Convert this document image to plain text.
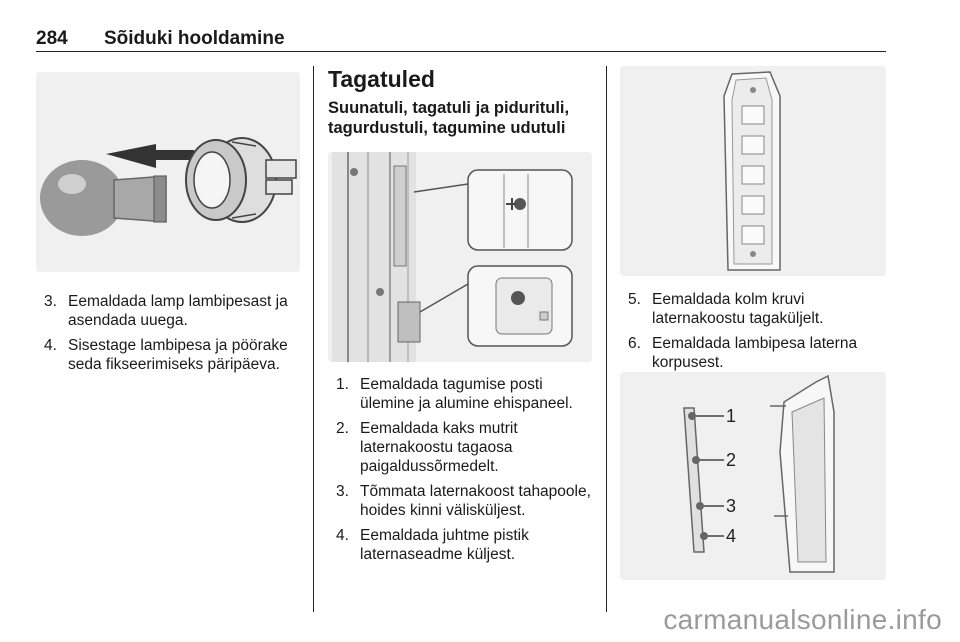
284 Sõiduki hooldamine
3. Eemaldada lamp lambipesast ja asendada uuega.
4. Sisestage lambipesa ja pöörake seda fikseerimiseks päripäeva.
Tagatuled
Suunatuli, tagatuli ja piduritulі, tagurdustuli, tagumine udutuli
1. Eemaldada tagumise posti ülemine ja alumine ehispaneel.
2. Eemaldada kaks mutrit laternakoostu tagaosa paigaldussõrmedelt.
3. Tõmmata laternakoost tahapoole, hoides kinni välisküljest.
4. Eemaldada juhtme pistik laternaseadme küljest.
5. Eemaldada kolm kruvi laternakoostu tagaküljelt.
6. Eemaldada lambipesa laterna korpusest.
1
2
3
4
carmanualsonline.info
